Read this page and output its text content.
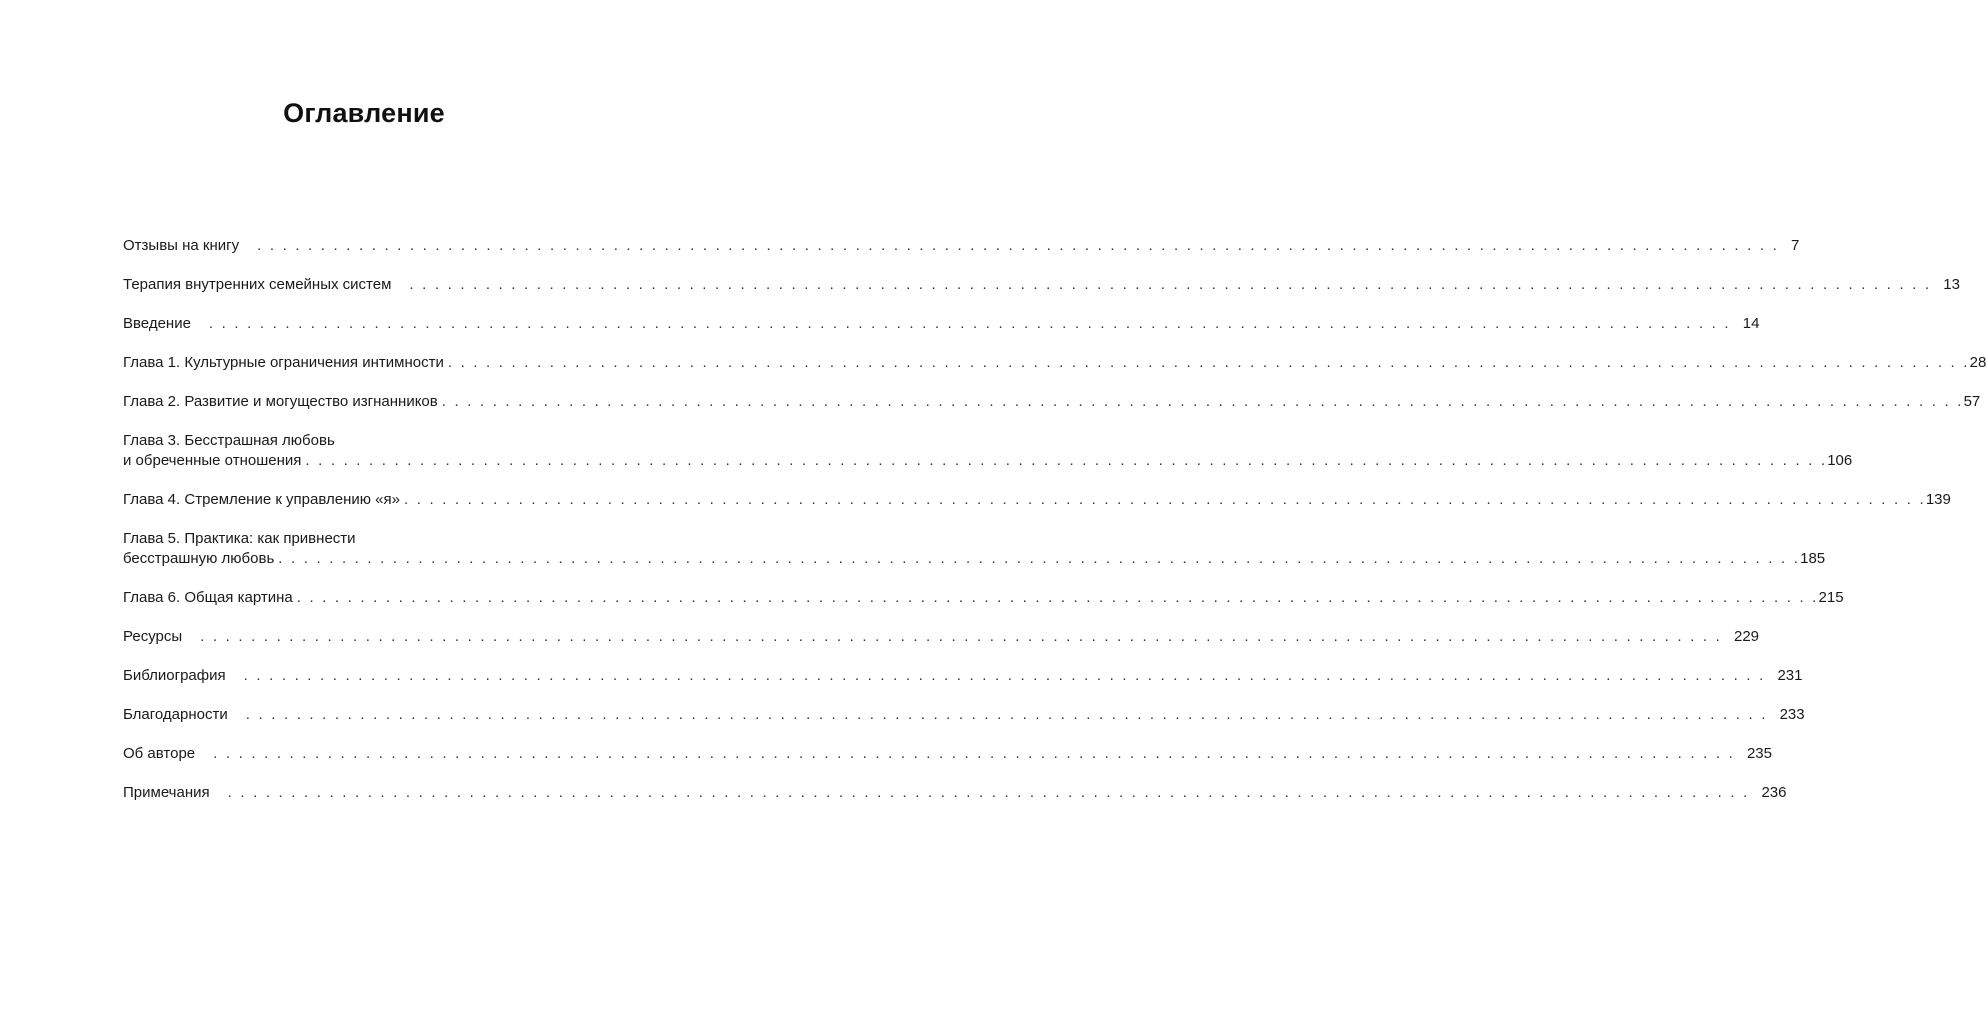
Оглавление
Отзывы на книгу . . . . . . . . . . . . . . . . . . . . . . . . . . . . . . . . . . . . . . . . . . . . . . . . . . . . . . . . . . . . . . . . . . . . . . . . . . . . . . . . . . . . . . . . . . . . . . . . . . . . . . . . . . . . . . . . . . . . . . . . 7
Терапия внутренних семейных систем . . . . . . . . . . . . . . . . . . . . . . . . . . . . . . . . . . . . . . . . . . . . . . . . . . . . . . . . . . . . . . . . . . . . . . . . . . . . . . . . . . . . . . . . . . . . . . . . . . . . . . . . . . . . . . . . . . . . . . . . 13
Введение . . . . . . . . . . . . . . . . . . . . . . . . . . . . . . . . . . . . . . . . . . . . . . . . . . . . . . . . . . . . . . . . . . . . . . . . . . . . . . . . . . . . . . . . . . . . . . . . . . . . . . . . . . . . . . . . . . . . . . . . 14
Глава 1. Культурные ограничения интимности . . . . . . . . . . . . . . . . . . . . . . . . . . . . . . . . . . . . . . . . . . . . . . . . . . . . . . . . . . . . . . . . . . . . . . . . . . . . . . . . . . . . . . . . . . . . . . . . . . . . . . . . . . . . . . . . . . . . . . . . 28
Глава 2. Развитие и могущество изгнанников . . . . . . . . . . . . . . . . . . . . . . . . . . . . . . . . . . . . . . . . . . . . . . . . . . . . . . . . . . . . . . . . . . . . . . . . . . . . . . . . . . . . . . . . . . . . . . . . . . . . . . . . . . . . . . . . . . . . . . . . 57
Глава 3. Бесстрашная любовь
и обреченные отношения . . . . . . . . . . . . . . . . . . . . . . . . . . . . . . . . . . . . . . . . . . . . . . . . . . . . . . . . . . . . . . . . . . . . . . . . . . . . . . . . . . . . . . . . . . . . . . . . . . . . . . . . . . . . . . . . . . . . . . . . 106
Глава 4. Стремление к управлению «я» . . . . . . . . . . . . . . . . . . . . . . . . . . . . . . . . . . . . . . . . . . . . . . . . . . . . . . . . . . . . . . . . . . . . . . . . . . . . . . . . . . . . . . . . . . . . . . . . . . . . . . . . . . . . . . . . . . . . . . . . 139
Глава 5. Практика: как привнести
бесстрашную любовь . . . . . . . . . . . . . . . . . . . . . . . . . . . . . . . . . . . . . . . . . . . . . . . . . . . . . . . . . . . . . . . . . . . . . . . . . . . . . . . . . . . . . . . . . . . . . . . . . . . . . . . . . . . . . . . . . . . . . . . . 185
Глава 6. Общая картина . . . . . . . . . . . . . . . . . . . . . . . . . . . . . . . . . . . . . . . . . . . . . . . . . . . . . . . . . . . . . . . . . . . . . . . . . . . . . . . . . . . . . . . . . . . . . . . . . . . . . . . . . . . . . . . . . . . . . . . . 215
Ресурсы . . . . . . . . . . . . . . . . . . . . . . . . . . . . . . . . . . . . . . . . . . . . . . . . . . . . . . . . . . . . . . . . . . . . . . . . . . . . . . . . . . . . . . . . . . . . . . . . . . . . . . . . . . . . . . . . . . . . . . . . 229
Библиография . . . . . . . . . . . . . . . . . . . . . . . . . . . . . . . . . . . . . . . . . . . . . . . . . . . . . . . . . . . . . . . . . . . . . . . . . . . . . . . . . . . . . . . . . . . . . . . . . . . . . . . . . . . . . . . . . . . . . . . . 231
Благодарности . . . . . . . . . . . . . . . . . . . . . . . . . . . . . . . . . . . . . . . . . . . . . . . . . . . . . . . . . . . . . . . . . . . . . . . . . . . . . . . . . . . . . . . . . . . . . . . . . . . . . . . . . . . . . . . . . . . . . . . . 233
Об авторе . . . . . . . . . . . . . . . . . . . . . . . . . . . . . . . . . . . . . . . . . . . . . . . . . . . . . . . . . . . . . . . . . . . . . . . . . . . . . . . . . . . . . . . . . . . . . . . . . . . . . . . . . . . . . . . . . . . . . . . . 235
Примечания . . . . . . . . . . . . . . . . . . . . . . . . . . . . . . . . . . . . . . . . . . . . . . . . . . . . . . . . . . . . . . . . . . . . . . . . . . . . . . . . . . . . . . . . . . . . . . . . . . . . . . . . . . . . . . . . . . . . . . . . 236
